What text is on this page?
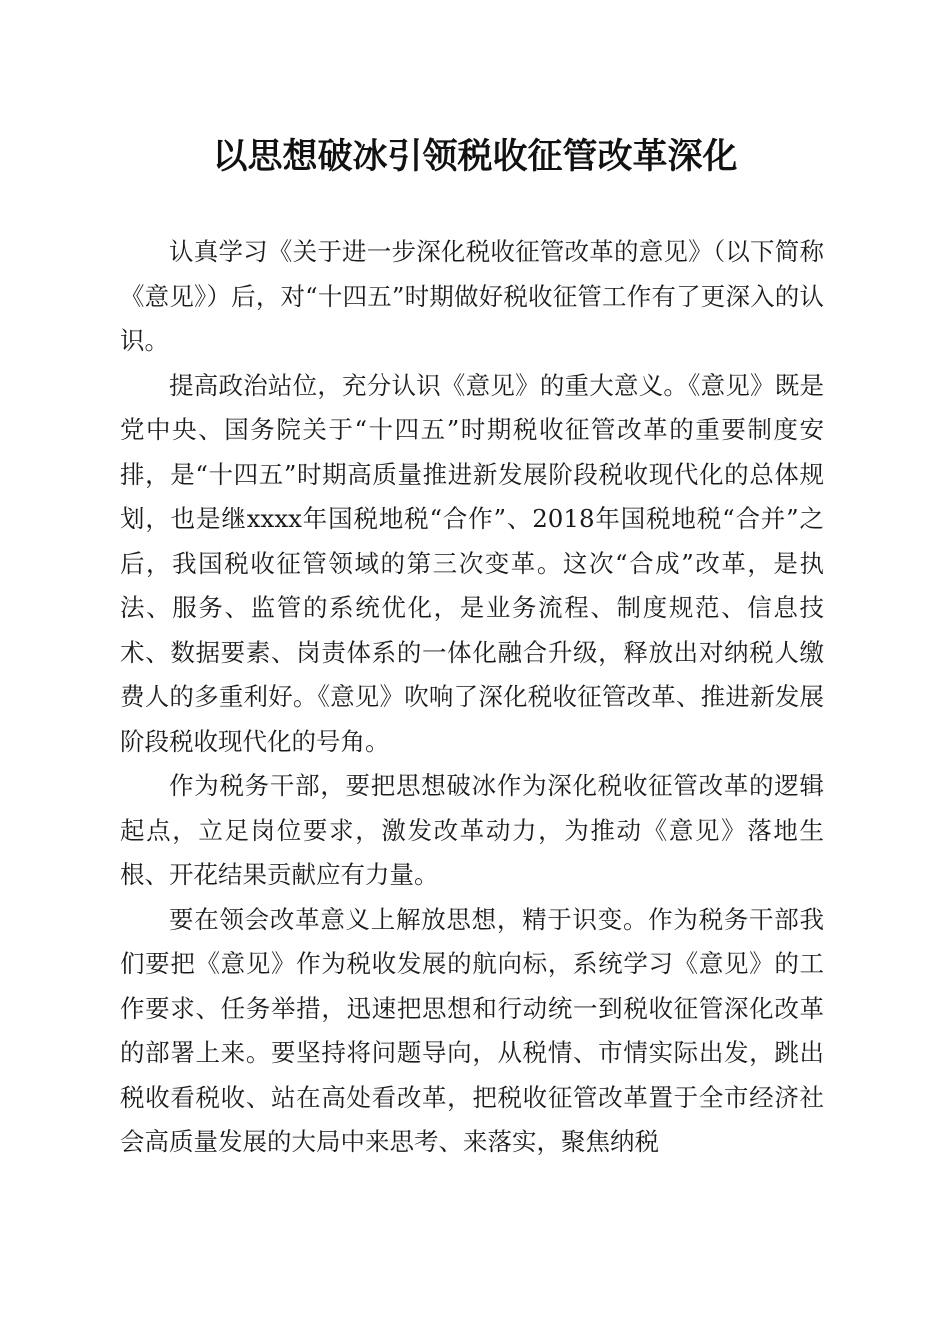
以思想破冰引领税收征管改革深化

认真学习《关于进一步深化税收征管改革的意见》（以下简称《意见》）后，对“十四五”时期做好税收征管工作有了更深入的认识。

提高政治站位，充分认识《意见》的重大意义。《意见》既是党中央、国务院关于“十四五”时期税收征管改革的重要制度安排，是“十四五”时期高质量推进新发展阶段税收现代化的总体规划，也是继xxxx年国税地税“合作”、2018年国税地税“合并”之后，我国税收征管领域的第三次变革。这次“合成”改革，是执法、服务、监管的系统优化，是业务流程、制度规范、信息技术、数据要素、岗责体系的一体化融合升级，释放出对纳税人缴费人的多重利好。《意见》吹响了深化税收征管改革、推进新发展阶段税收现代化的号角。

作为税务干部，要把思想破冰作为深化税收征管改革的逻辑起点，立足岗位要求，激发改革动力，为推动《意见》落地生根、开花结果贡献应有力量。

要在领会改革意义上解放思想，精于识变。作为税务干部我们要把《意见》作为税收发展的航向标，系统学习《意见》的工作要求、任务举措，迅速把思想和行动统一到税收征管深化改革的部署上来。要坚持将问题导向，从税情、市情实际出发，跳出税收看税收、站在高处看改革，把税收征管改革置于全市经济社会高质量发展的大局中来思考、来落实，聚焦纳税
